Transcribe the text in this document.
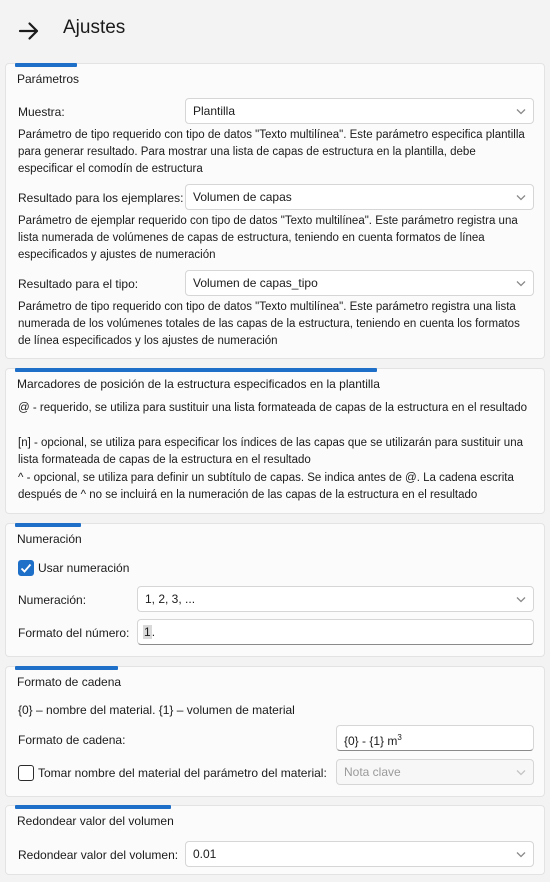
Ajustes
Parámetros
Muestra:	Plantilla
Parámetro de tipo requerido con tipo de datos "Texto multilínea". Este parámetro especifica plantilla para generar resultado. Para mostrar una lista de capas de estructura en la plantilla, debe especificar el comodín de estructura
Resultado para los ejemplares: Volumen de capas
Parámetro de ejemplar requerido con tipo de datos "Texto multilínea". Este parámetro registra una lista numerada de volúmenes de capas de estructura, teniendo en cuenta formatos de línea especificados y ajustes de numeración
Resultado para el tipo:	Volumen de capas_tipo
Parámetro de tipo requerido con tipo de datos "Texto multilínea". Este parámetro registra una lista numerada de los volúmenes totales de las capas de la estructura, teniendo en cuenta los formatos de línea especificados y los ajustes de numeración
Marcadores de posición de la estructura especificados en la plantilla
@ - requerido, se utiliza para sustituir una lista formateada de capas de la estructura en el resultado
[n] - opcional, se utiliza para especificar los índices de las capas que se utilizarán para sustituir una lista formateada de capas de la estructura en el resultado
^ - opcional, se utiliza para definir un subtítulo de capas. Se indica antes de @. La cadena escrita después de ^ no se incluirá en la numeración de las capas de la estructura en el resultado
Numeración
Usar numeración
Numeración:	1, 2, 3, ...
Formato del número:	1.
Formato de cadena
{0} – nombre del material. {1} – volumen de material
Formato de cadena:	{0} - {1} $m^3$
Tomar nombre del material del parámetro del material:	Nota clave
Redondear valor del volumen
Redondear valor del volumen:	0.01
